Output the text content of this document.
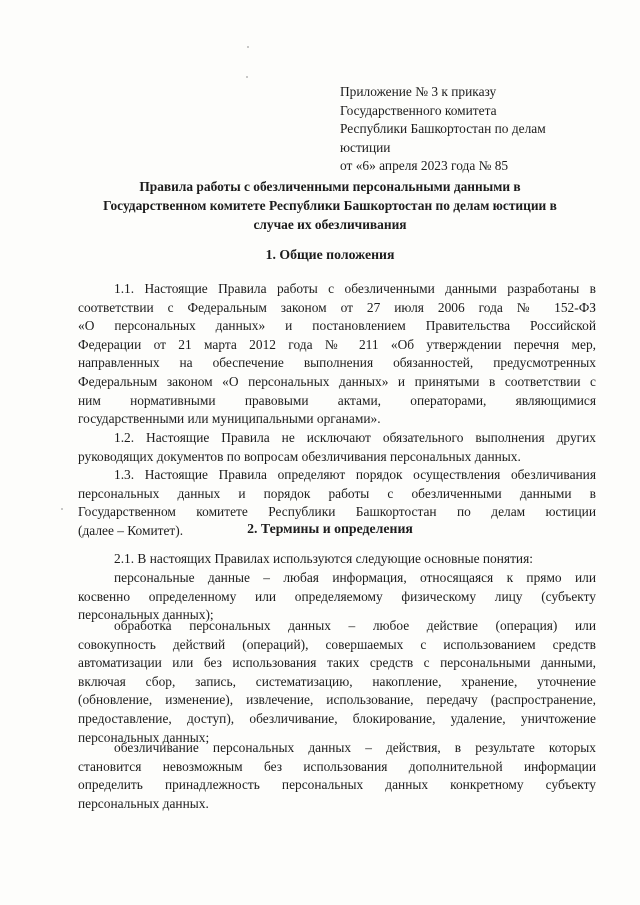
Приложение № 3 к приказу
Государственного комитета
Республики Башкортостан по делам
юстиции
от «6» апреля 2023 года № 85
Правила работы с обезличенными персональными данными в
Государственном комитете Республики Башкортостан по делам юстиции в
случае их обезличивания
1. Общие положения
1.1. Настоящие Правила работы с обезличенными данными разработаны в
соответствии с Федеральным законом от 27 июля 2006 года № 152-ФЗ
«О персональных данных» и постановлением Правительства Российской
Федерации от 21 марта 2012 года № 211 «Об утверждении перечня мер,
направленных на обеспечение выполнения обязанностей, предусмотренных
Федеральным законом «О персональных данных» и принятыми в соответствии с
ним нормативными правовыми актами, операторами, являющимися
государственными или муниципальными органами».
1.2. Настоящие Правила не исключают обязательного выполнения других
руководящих документов по вопросам обезличивания персональных данных.
1.3. Настоящие Правила определяют порядок осуществления обезличивания
персональных данных и порядок работы с обезличенными данными в
Государственном комитете Республики Башкортостан по делам юстиции
(далее – Комитет).	2. Термины и определения
2.1. В настоящих Правилах используются следующие основные понятия:
персональные данные – любая информация, относящаяся к прямо или
косвенно определенному или определяемому физическому лицу (субъекту
персональных данных);
обработка персональных данных – любое действие (операция) или
совокупность действий (операций), совершаемых с использованием средств
автоматизации или без использования таких средств с персональными данными,
включая сбор, запись, систематизацию, накопление, хранение, уточнение
(обновление, изменение), извлечение, использование, передачу (распространение,
предоставление, доступ), обезличивание, блокирование, удаление, уничтожение
персональных данных;
обезличивание персональных данных – действия, в результате которых
становится невозможным без использования дополнительной информации
определить принадлежность персональных данных конкретному субъекту
персональных данных.
